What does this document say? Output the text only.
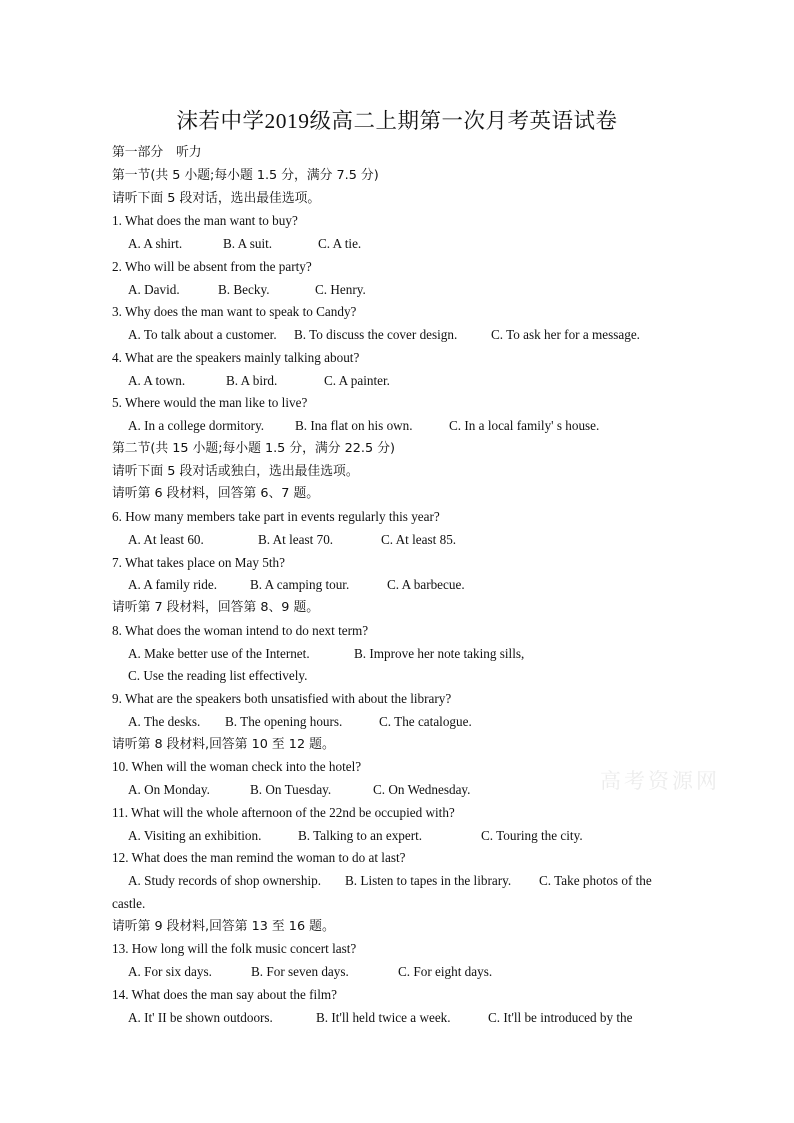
沫若中学2019级高二上期第一次月考英语试卷
第一部分　听力
第一节(共 5 小题;每小题 1.5 分，满分 7.5 分)
请听下面 5 段对话，选出最佳选项。
1. What does the man want to buy?
A. A shirt.	B. A suit.	C. A tie.
2. Who will be absent from the party?
A. David.	B. Becky.	C. Henry.
3. Why does the man want to speak to Candy?
A. To talk about a customer. B. To discuss the cover design.	C. To ask her for a message.
4. What are the speakers mainly talking about?
A. A town.	B. A bird.	C. A painter.
5. Where would the man like to live?
A. In a college dormitory. B. Ina flat on his own.	C. In a local family' s house.
第二节(共 15 小题;每小题 1.5 分，满分 22.5 分)
请听下面 5 段对话或独白，选出最佳选项。
请听第 6 段材料，回答第 6、7 题。
6. How many members take part in events regularly this year?
A. At least 60.	B. At least 70.	C. At least 85.
7. What takes place on May 5th?
A. A family ride. B. A camping tour.	C. A barbecue.
请听第 7 段材料，回答第 8、9 题。
8. What does the woman intend to do next term?
A. Make better use of the Internet.	B. Improve her note taking sills,
C. Use the reading list effectively.
9. What are the speakers both unsatisfied with about the library?
A. The desks. B. The opening hours.	C. The catalogue.
请听第 8 段材料,回答第 10 至 12 题。
10. When will the woman check into the hotel?
A. On Monday.	B. On Tuesday.	C. On Wednesday.
11. What will the whole afternoon of the 22nd be occupied with?
A. Visiting an exhibition.	B. Talking to an expert.	C. Touring the city.
12. What does the man remind the woman to do at last?
A. Study records of shop ownership. B. Listen to tapes in the library. C. Take photos of the
castle.
请听第 9 段材料,回答第 13 至 16 题。
13. How long will the folk music concert last?
A. For six days.	B. For seven days.	C. For eight days.
14. What does the man say about the film?
A. It' II be shown outdoors.	B. It'll held twice a week.	C. It'll be introduced by the
高考资源网
